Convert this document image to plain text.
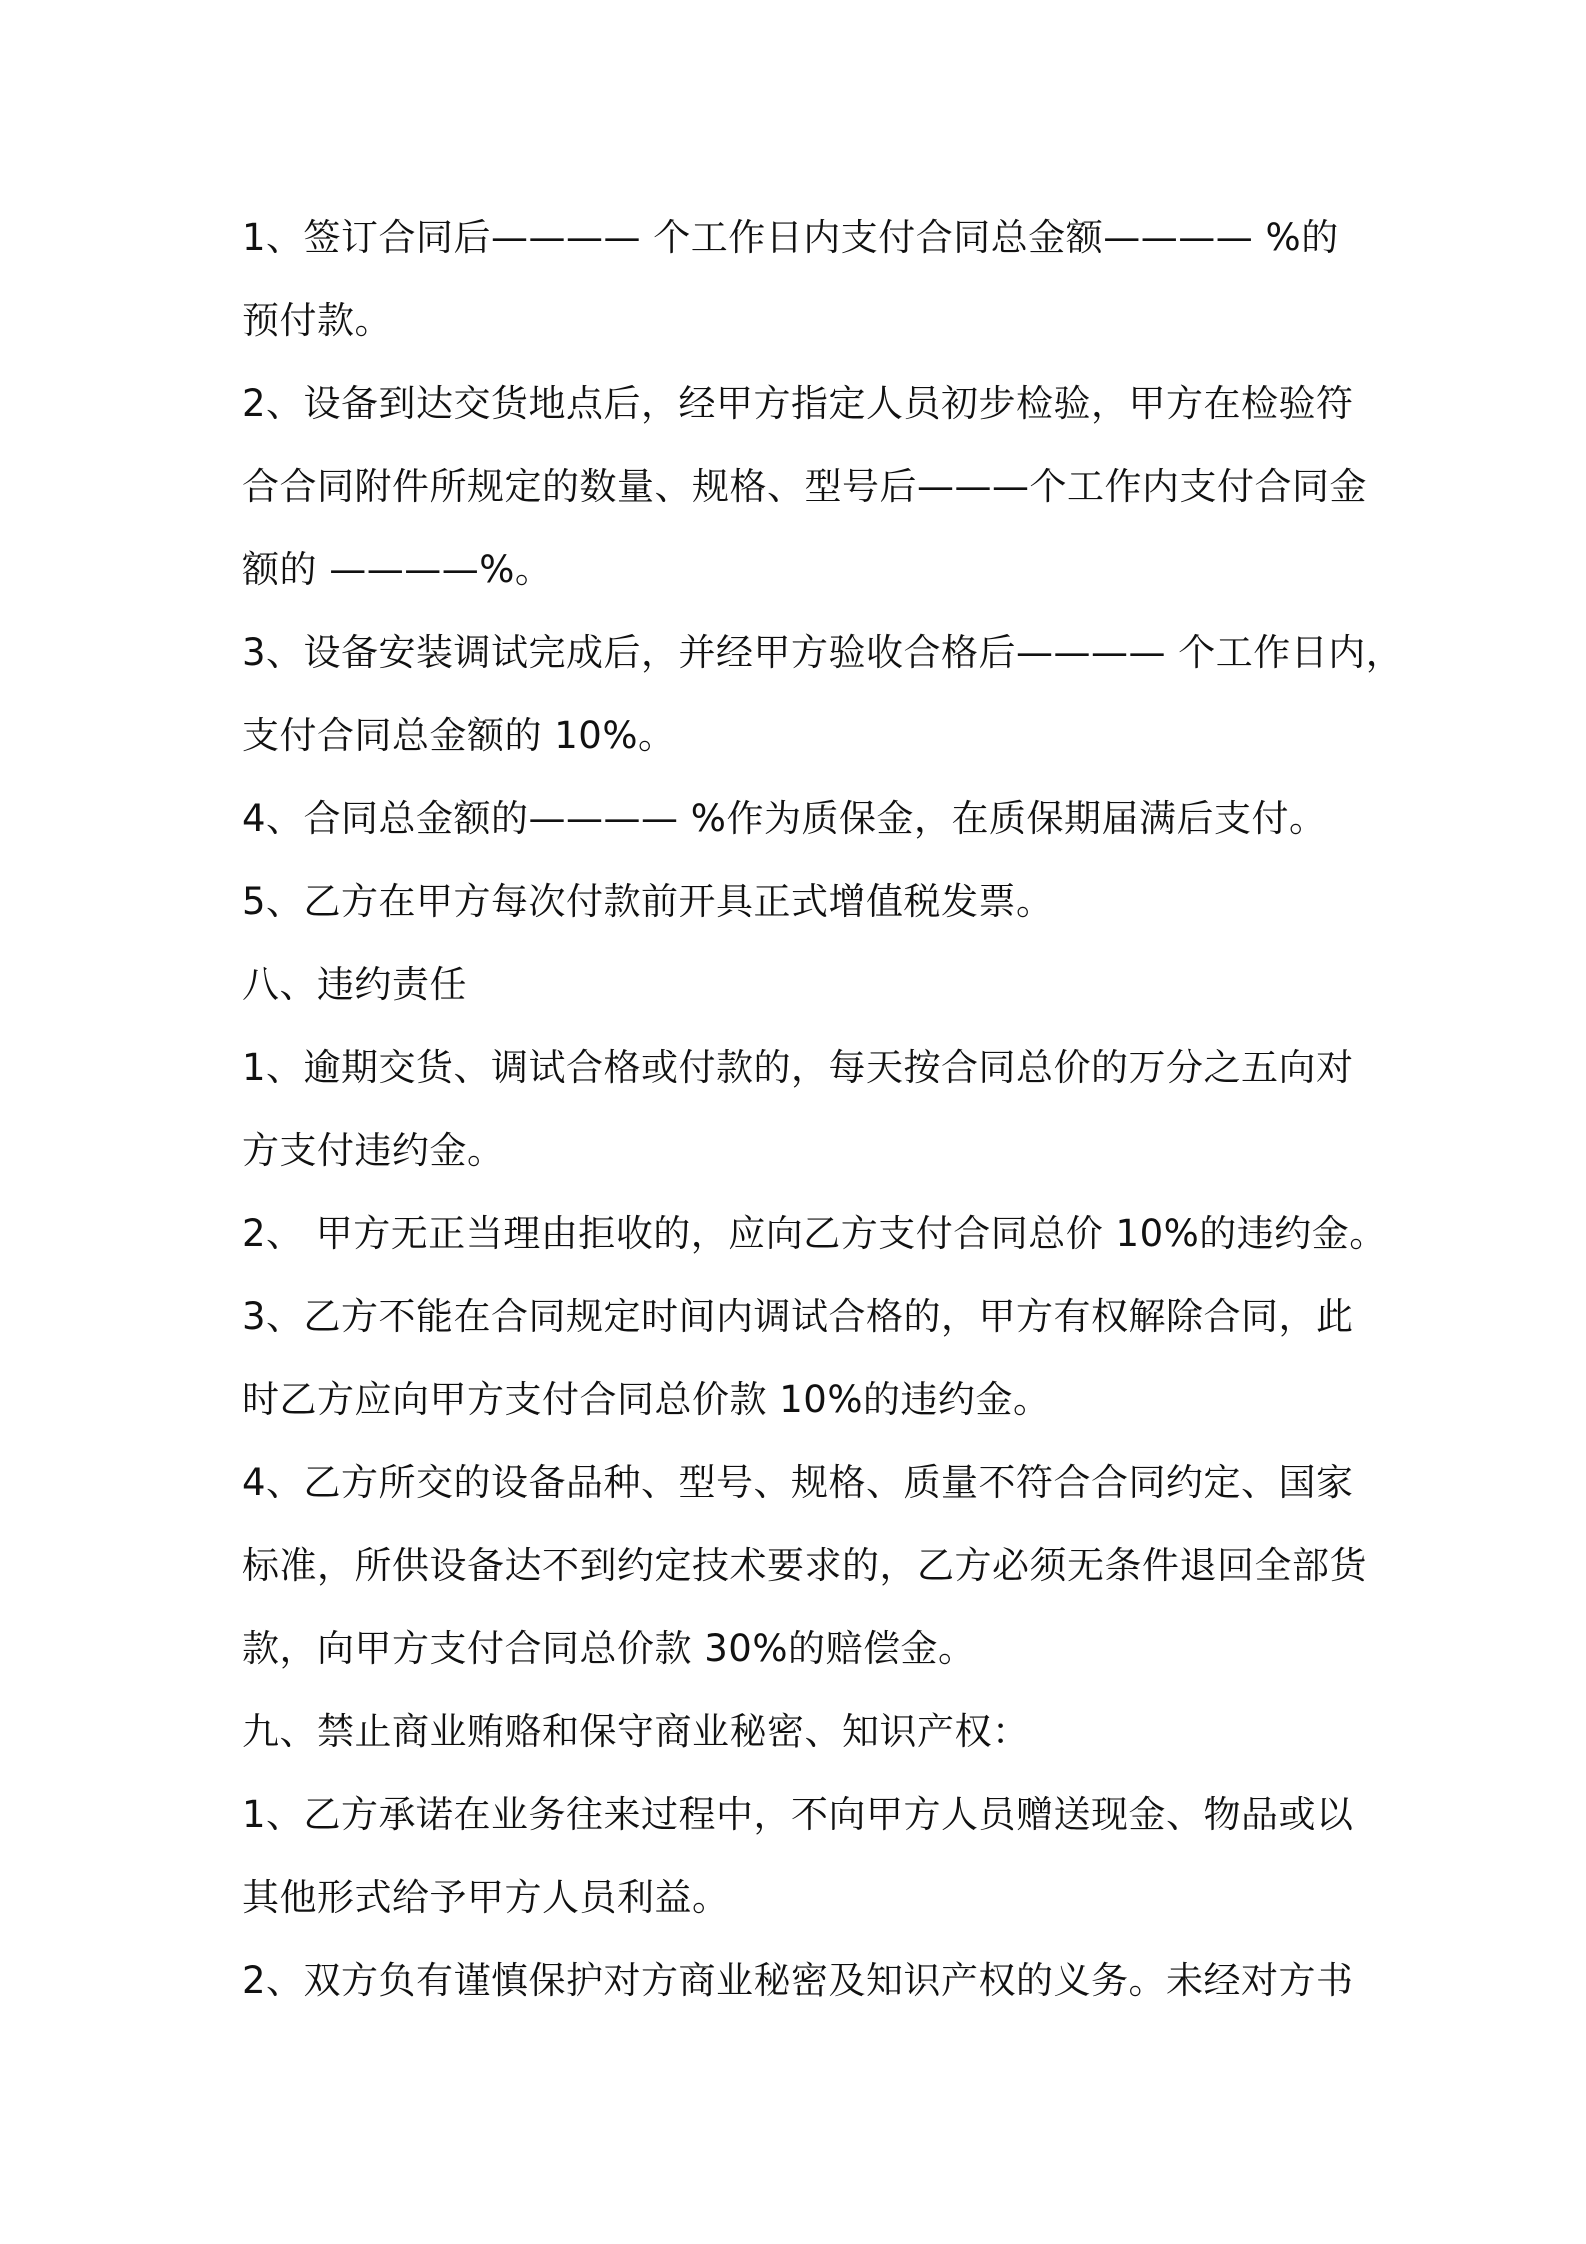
1、签订合同后———— 个工作日内支付合同总金额———— %的
预付款。
2、设备到达交货地点后，经甲方指定人员初步检验，甲方在检验符
合合同附件所规定的数量、规格、型号后———个工作内支付合同金
额的 ————%。
3、设备安装调试完成后，并经甲方验收合格后———— 个工作日内，
支付合同总金额的 10%。
4、合同总金额的———— %作为质保金，在质保期届满后支付。
5、乙方在甲方每次付款前开具正式增值税发票。
八、违约责任
1、逾期交货、调试合格或付款的，每天按合同总价的万分之五向对
方支付违约金。
2、 甲方无正当理由拒收的，应向乙方支付合同总价 10%的违约金。
3、乙方不能在合同规定时间内调试合格的，甲方有权解除合同，此
时乙方应向甲方支付合同总价款 10%的违约金。
4、乙方所交的设备品种、型号、规格、质量不符合合同约定、国家
标准，所供设备达不到约定技术要求的，乙方必须无条件退回全部货
款，向甲方支付合同总价款 30%的赔偿金。
九、禁止商业贿赂和保守商业秘密、知识产权：
1、乙方承诺在业务往来过程中，不向甲方人员赠送现金、物品或以
其他形式给予甲方人员利益。
2、双方负有谨慎保护对方商业秘密及知识产权的义务。未经对方书
